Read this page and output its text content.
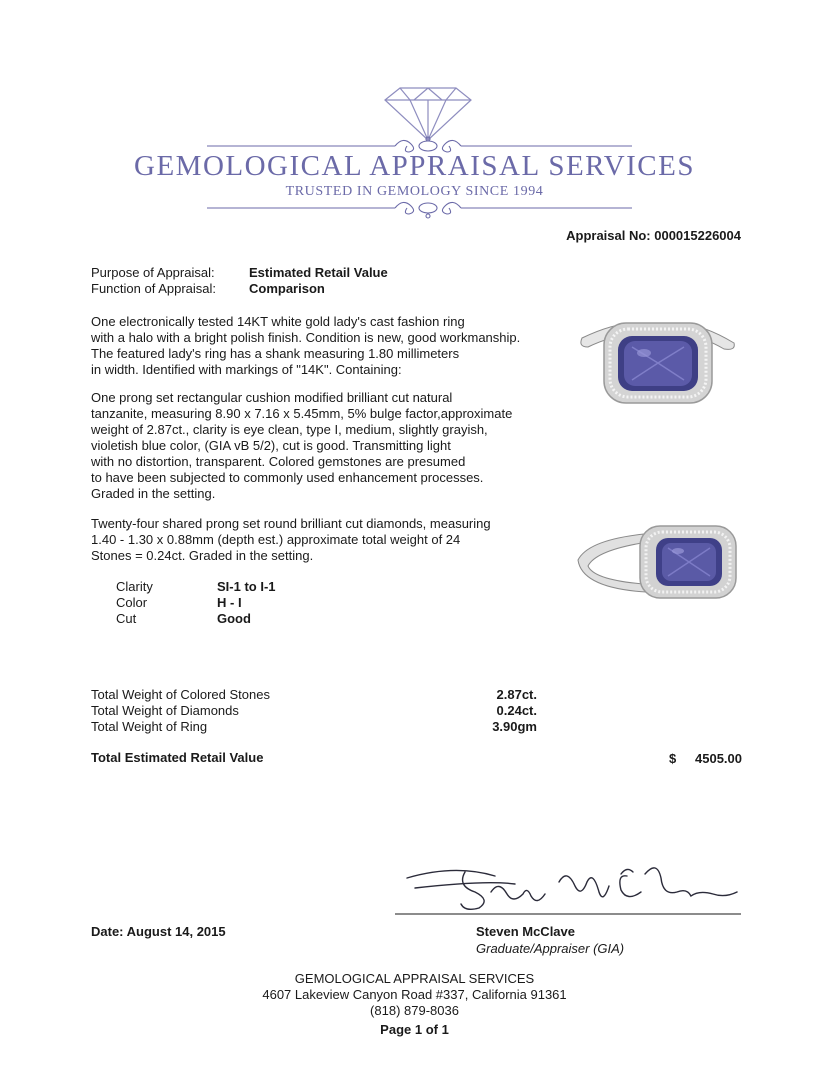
GEMOLOGICAL APPRAISAL SERVICES
TRUSTED IN GEMOLOGY SINCE 1994
Appraisal No: 000015226004
Purpose of Appraisal:	Estimated Retail Value
Function of Appraisal:	Comparison
One electronically tested 14KT white gold lady's cast fashion ring
with a halo with a bright polish finish. Condition is new, good workmanship.
The featured lady's ring has a shank measuring 1.80 millimeters
in width. Identified with markings of "14K". Containing:
One prong set rectangular cushion modified brilliant cut natural
tanzanite, measuring 8.90 x 7.16 x 5.45mm, 5% bulge factor,approximate
weight of 2.87ct., clarity is eye clean, type I, medium, slightly grayish,
violetish blue color, (GIA vB 5/2), cut is good. Transmitting light
with no distortion, transparent. Colored gemstones are presumed
to have been subjected to commonly used enhancement processes.
Graded in the setting.
Twenty-four shared prong set round brilliant cut diamonds, measuring
1.40 - 1.30 x 0.88mm (depth est.) approximate total weight of 24
Stones = 0.24ct. Graded in the setting.
Clarity	SI-1 to I-1
Color	H - I
Cut	Good
Total Weight of Colored Stones	2.87ct.
Total Weight of Diamonds	0.24ct.
Total Weight of Ring	3.90gm
Total Estimated Retail Value	$	4505.00
Date: August 14, 2015	Steven McClave
Graduate/Appraiser (GIA)
GEMOLOGICAL APPRAISAL SERVICES
4607 Lakeview Canyon Road #337, California 91361
(818) 879-8036
Page 1 of 1
